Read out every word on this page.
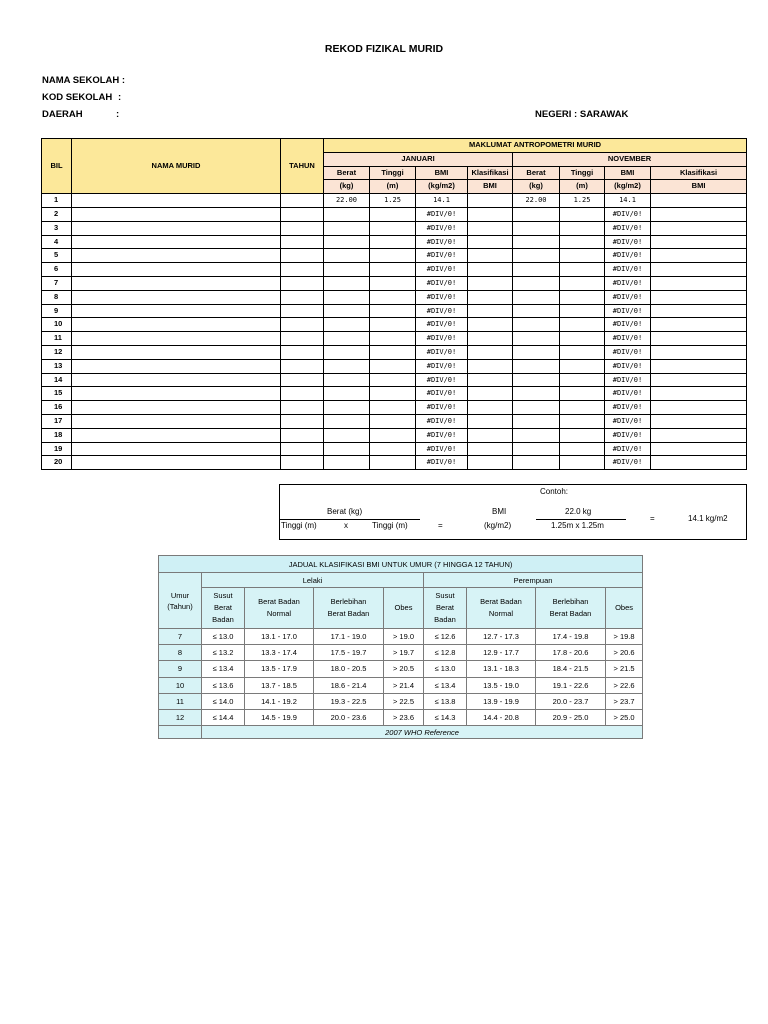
REKOD FIZIKAL MURID
NAMA SEKOLAH :
KOD SEKOLAH :
DAERAH	:	NEGERI : SARAWAK
BIL	NAMA MURID	TAHUN	MAKLUMAT ANTROPOMETRI MURID							
			JANUARI				NOVEMBER			
			Berat	Tinggi	BMI	Klasifikasi	Berat	Tinggi	BMI	Klasifikasi
			(kg)	(m)	(kg/m2)	BMI	(kg)	(m)	(kg/m2)	BMI
1			22.00	1.25	14.1		22.00	1.25	14.1	
2					#DIV/0!				#DIV/0!	
3					#DIV/0!				#DIV/0!	
4					#DIV/0!				#DIV/0!	
5					#DIV/0!				#DIV/0!	
6					#DIV/0!				#DIV/0!	
7					#DIV/0!				#DIV/0!	
8					#DIV/0!				#DIV/0!	
9					#DIV/0!				#DIV/0!	
10					#DIV/0!				#DIV/0!	
11					#DIV/0!				#DIV/0!	
12					#DIV/0!				#DIV/0!	
13					#DIV/0!				#DIV/0!	
14					#DIV/0!				#DIV/0!	
15					#DIV/0!				#DIV/0!	
16					#DIV/0!				#DIV/0!	
17					#DIV/0!				#DIV/0!	
18					#DIV/0!				#DIV/0!	
19					#DIV/0!				#DIV/0!	
20					#DIV/0!				#DIV/0!	
Contoh:
Berat (kg)
Tinggi (m)	x	Tinggi (m)	=
BMI
(kg/m2)
22.0 kg
1.25m x 1.25m
=	14.1 kg/m2
JADUAL KLASIFIKASI BMI UNTUK UMUR (7 HINGGA 12 TAHUN)								
Umur
(Tahun)	Lelaki				Perempuan			
	Susut
Berat
Badan	Berat Badan
Normal	Berlebihan
Berat Badan	Obes	Susut
Berat
Badan	Berat Badan
Normal	Berlebihan
Berat Badan	Obes
7	≤ 13.0	13.1 - 17.0	17.1 - 19.0	> 19.0	≤ 12.6	12.7 - 17.3	17.4 - 19.8	> 19.8
8	≤ 13.2	13.3 - 17.4	17.5 - 19.7	> 19.7	≤ 12.8	12.9 - 17.7	17.8 - 20.6	> 20.6
9	≤ 13.4	13.5 - 17.9	18.0 - 20.5	> 20.5	≤ 13.0	13.1 - 18.3	18.4 - 21.5	> 21.5
10	≤ 13.6	13.7 - 18.5	18.6 - 21.4	> 21.4	≤ 13.4	13.5 - 19.0	19.1 - 22.6	> 22.6
11	≤ 14.0	14.1 - 19.2	19.3 - 22.5	> 22.5	≤ 13.8	13.9 - 19.9	20.0 - 23.7	> 23.7
12	≤ 14.4	14.5 - 19.9	20.0 - 23.6	> 23.6	≤ 14.3	14.4 - 20.8	20.9 - 25.0	> 25.0
	2007 WHO Reference							
